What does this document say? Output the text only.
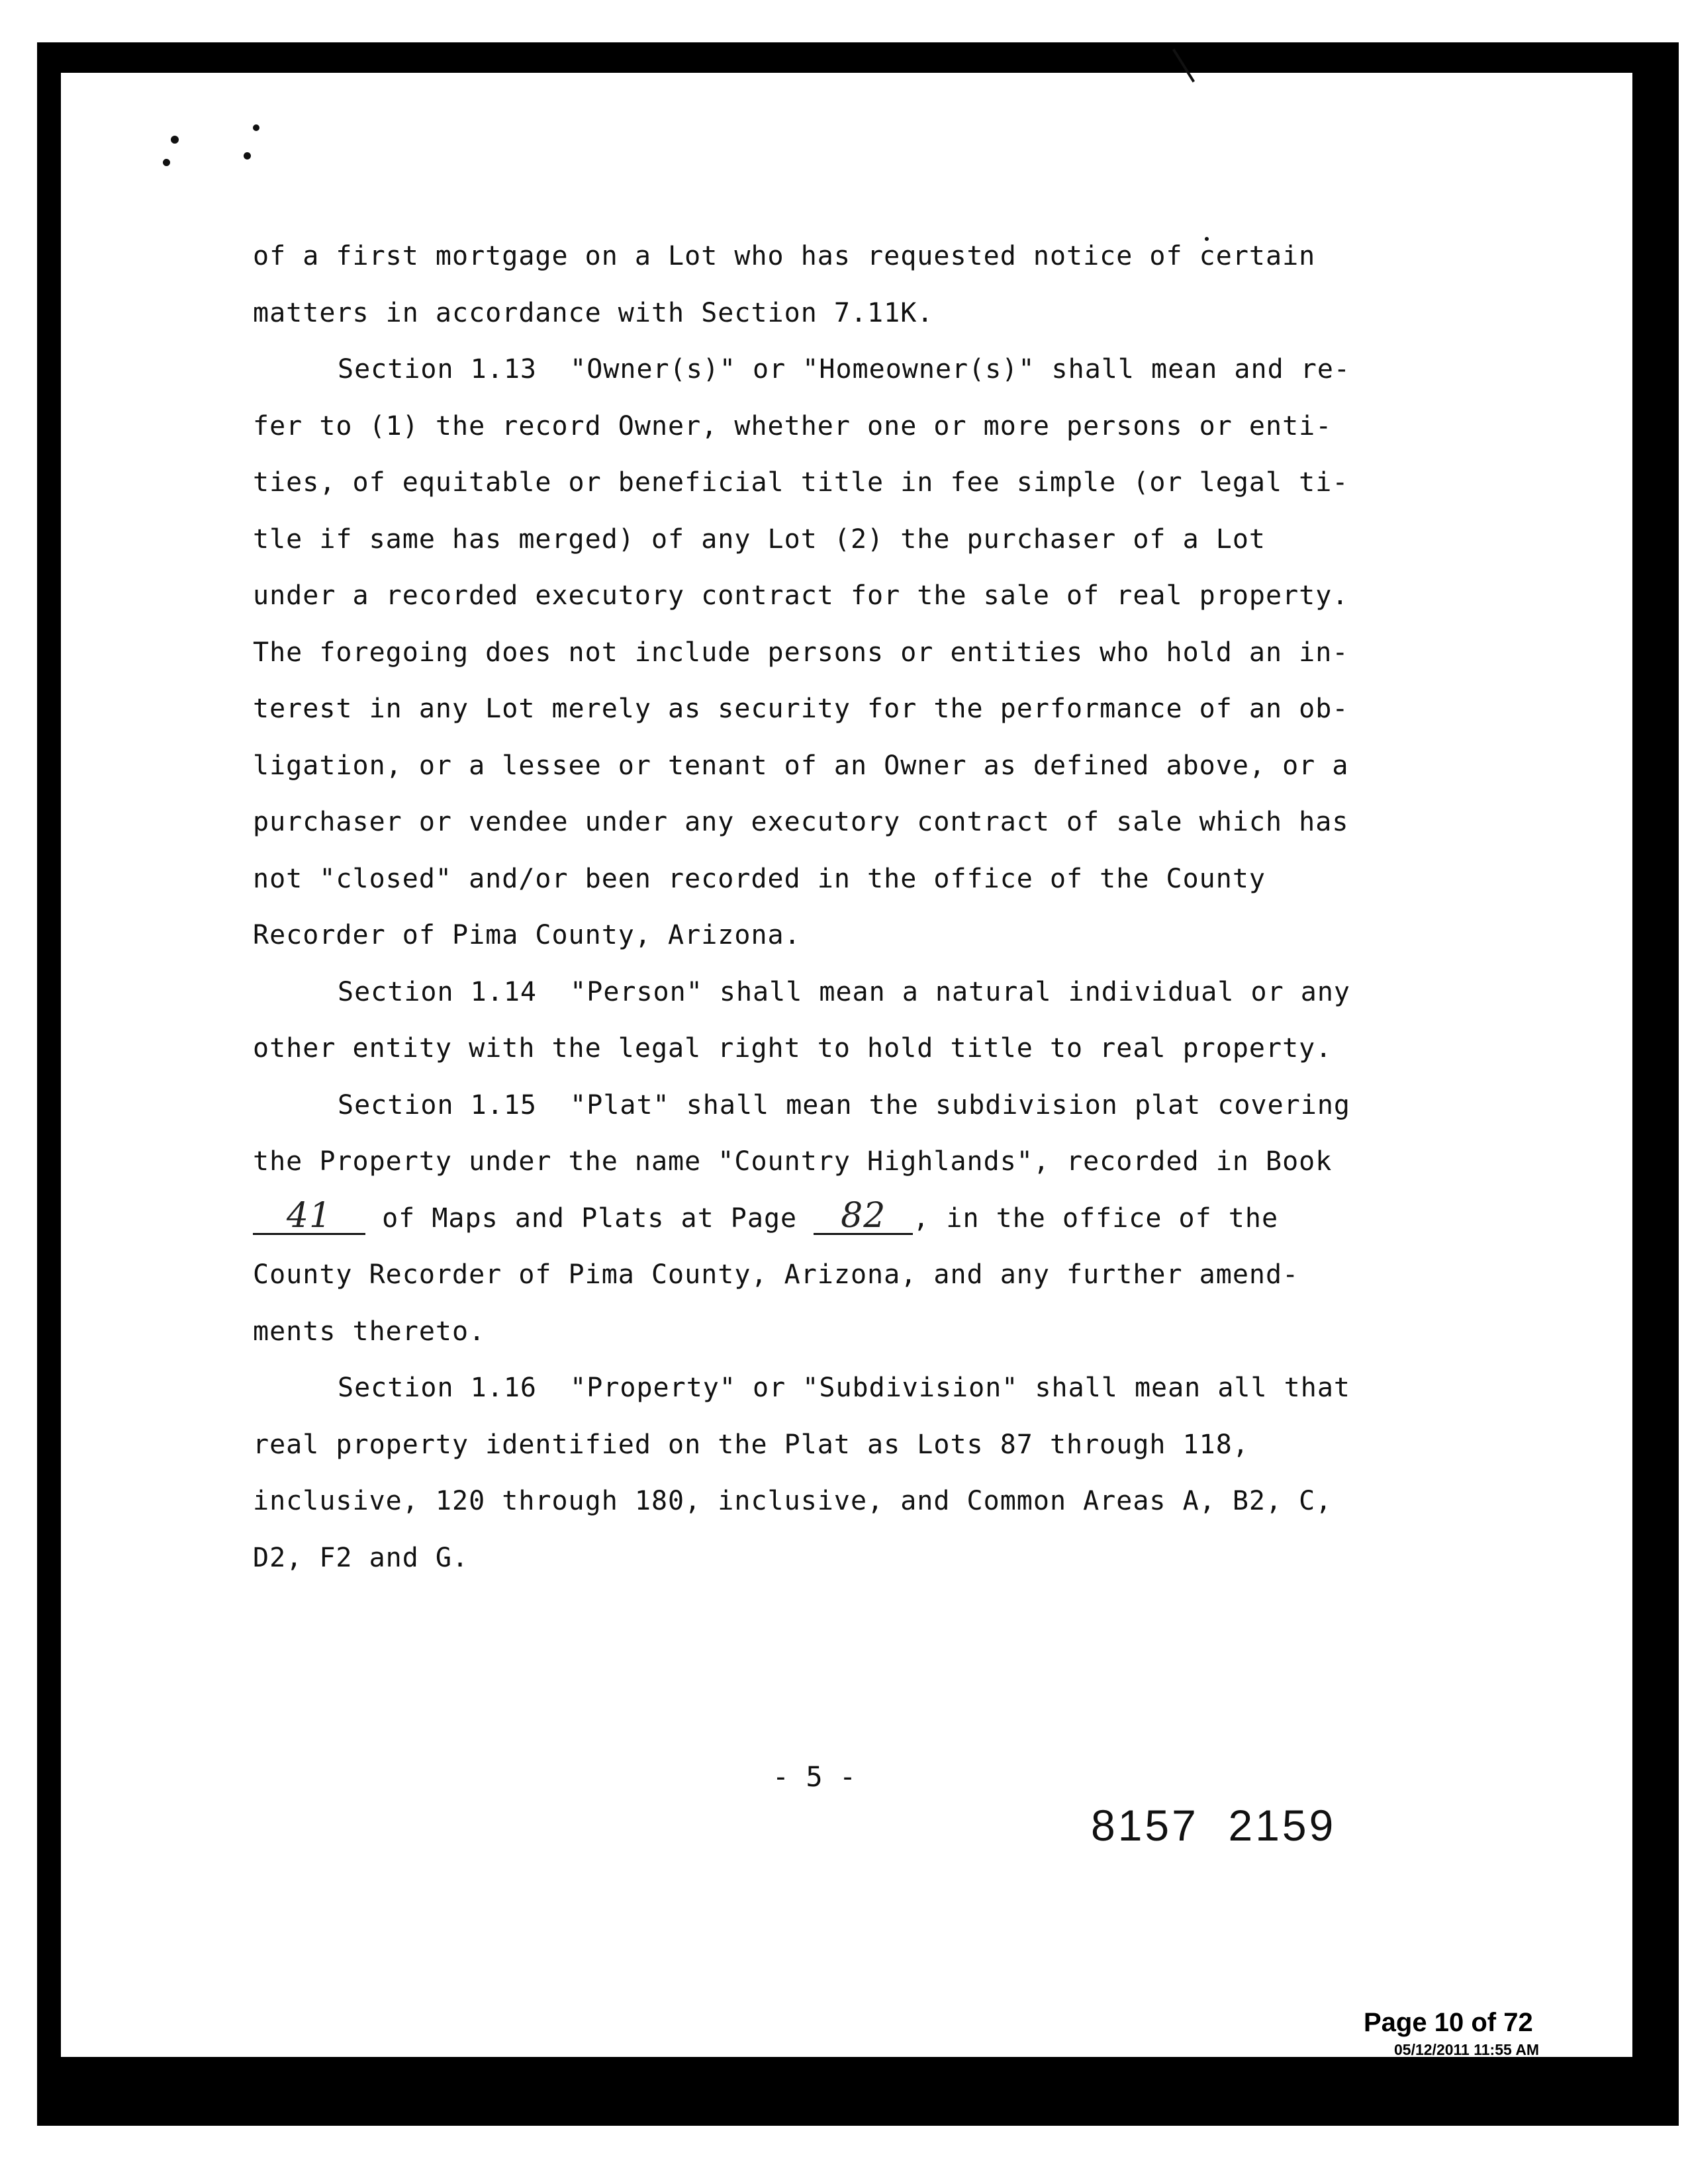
of a first mortgage on a Lot who has requested notice of certain
matters in accordance with Section 7.11K.
Section 1.13  "Owner(s)" or "Homeowner(s)" shall mean and re-
fer to (1) the record Owner, whether one or more persons or enti-
ties, of equitable or beneficial title in fee simple (or legal ti-
tle if same has merged) of any Lot (2) the purchaser of a Lot
under a recorded executory contract for the sale of real property.
The foregoing does not include persons or entities who hold an in-
terest in any Lot merely as security for the performance of an ob-
ligation, or a lessee or tenant of an Owner as defined above, or a
purchaser or vendee under any executory contract of sale which has
not "closed" and/or been recorded in the office of the County
Recorder of Pima County, Arizona.
Section 1.14  "Person" shall mean a natural individual or any
other entity with the legal right to hold title to real property.
Section 1.15  "Plat" shall mean the subdivision plat covering
the Property under the name "Country Highlands", recorded in Book
41 of Maps and Plats at Page 82 , in the office of the
County Recorder of Pima County, Arizona, and any further amend-
ments thereto.
Section 1.16  "Property" or "Subdivision" shall mean all that
real property identified on the Plat as Lots 87 through 118,
inclusive, 120 through 180, inclusive, and Common Areas A, B2, C,
D2, F2 and G.
- 5 -
8157  2159
Page 10 of 72
05/12/2011 11:55 AM
